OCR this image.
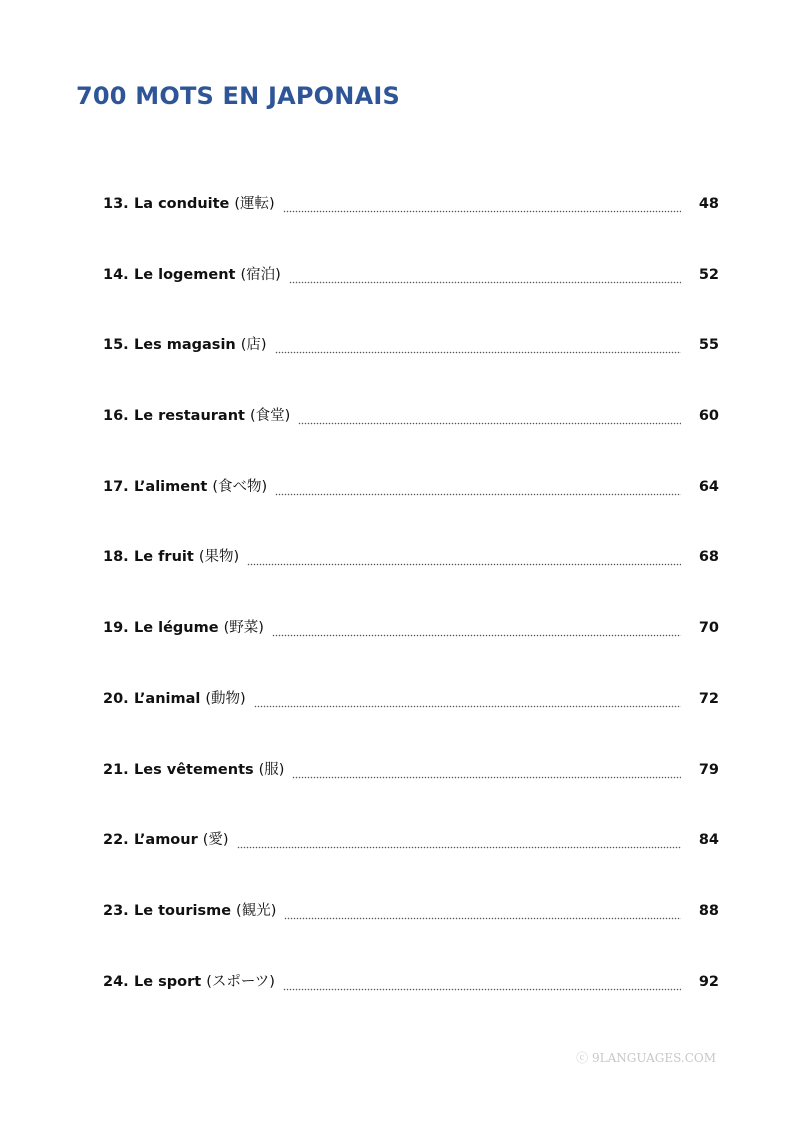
700 MOTS EN JAPONAIS
13. La conduite (運転)	48
14. Le logement (宿泊)	52
15. Les magasin (店)	55
16. Le restaurant (食堂)	60
17. L’aliment (食べ物)	64
18. Le fruit (果物)	68
19. Le légume (野菜)	70
20. L’animal (動物)	72
21. Les vêtements (服)	79
22. L’amour (愛)	84
23. Le tourisme (観光)	88
24. Le sport (スポーツ)	92
ⓒ 9LANGUAGES.COM
